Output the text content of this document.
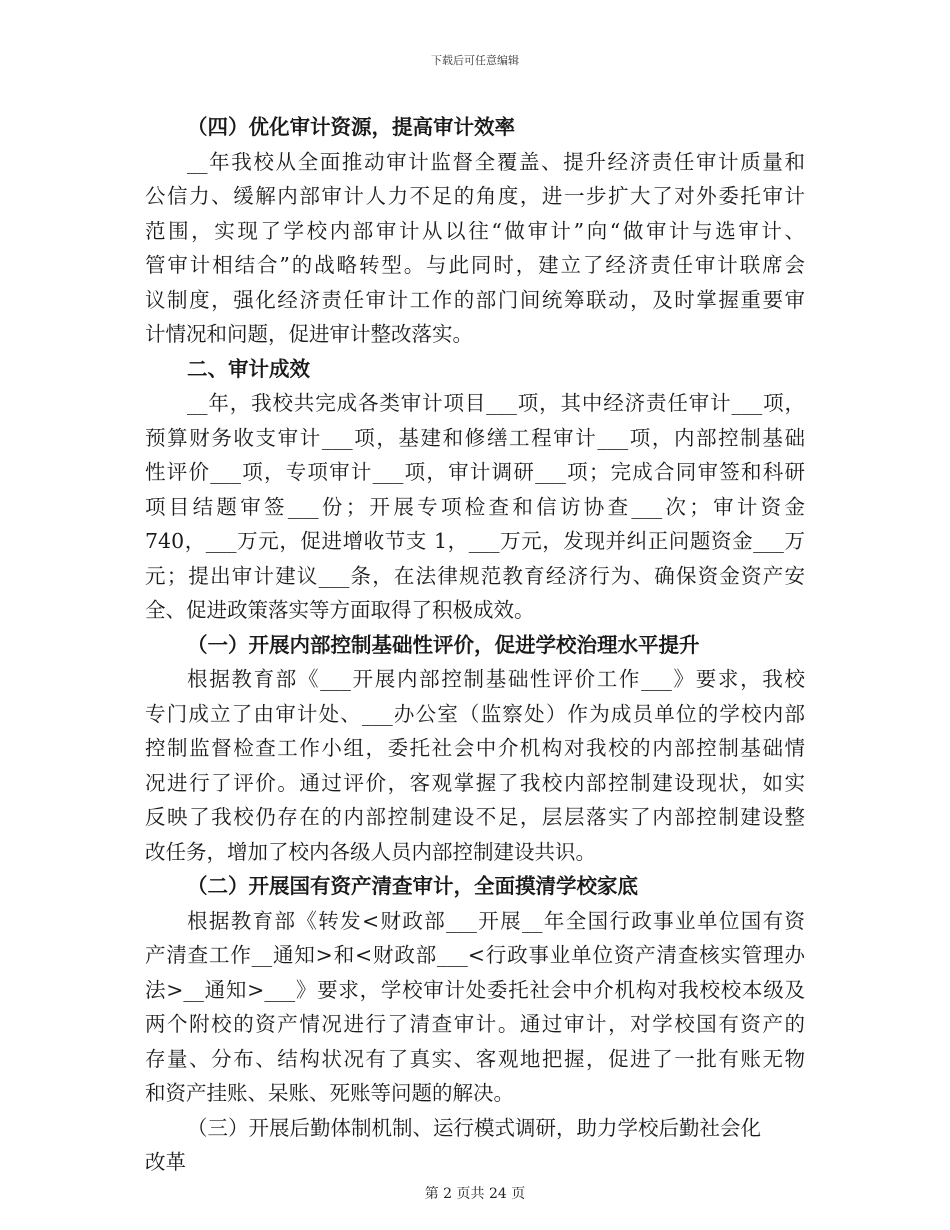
下载后可任意编辑
（四）优化审计资源，提高审计效率
__年我校从全面推动审计监督全覆盖、提升经济责任审计质量和
公信力、缓解内部审计人力不足的角度，进一步扩大了对外委托审计
范围，实现了学校内部审计从以往“做审计”向“做审计与选审计、
管审计相结合”的战略转型。与此同时，建立了经济责任审计联席会
议制度，强化经济责任审计工作的部门间统筹联动，及时掌握重要审
计情况和问题，促进审计整改落实。
二、审计成效
__年，我校共完成各类审计项目___项，其中经济责任审计___项，
预算财务收支审计___项，基建和修缮工程审计___项，内部控制基础
性评价___项，专项审计___项，审计调研___项；完成合同审签和科研
项目结题审签___份；开展专项检查和信访协查___次；审计资金
740，___万元，促进增收节支 1，___万元，发现并纠正问题资金___万
元；提出审计建议___条，在法律规范教育经济行为、确保资金资产安
全、促进政策落实等方面取得了积极成效。
（一）开展内部控制基础性评价，促进学校治理水平提升
根据教育部《___开展内部控制基础性评价工作___》要求，我校
专门成立了由审计处、___办公室（监察处）作为成员单位的学校内部
控制监督检查工作小组，委托社会中介机构对我校的内部控制基础情
况进行了评价。通过评价，客观掌握了我校内部控制建设现状，如实
反映了我校仍存在的内部控制建设不足，层层落实了内部控制建设整
改任务，增加了校内各级人员内部控制建设共识。
（二）开展国有资产清查审计，全面摸清学校家底
根据教育部《转发<财政部___开展__年全国行政事业单位国有资
产清查工作__通知>和<财政部___<行政事业单位资产清查核实管理办
法>__通知>___》要求，学校审计处委托社会中介机构对我校校本级及
两个附校的资产情况进行了清查审计。通过审计，对学校国有资产的
存量、分布、结构状况有了真实、客观地把握，促进了一批有账无物
和资产挂账、呆账、死账等问题的解决。
（三）开展后勤体制机制、运行模式调研，助力学校后勤社会化
改革
第 2 页共 24 页
